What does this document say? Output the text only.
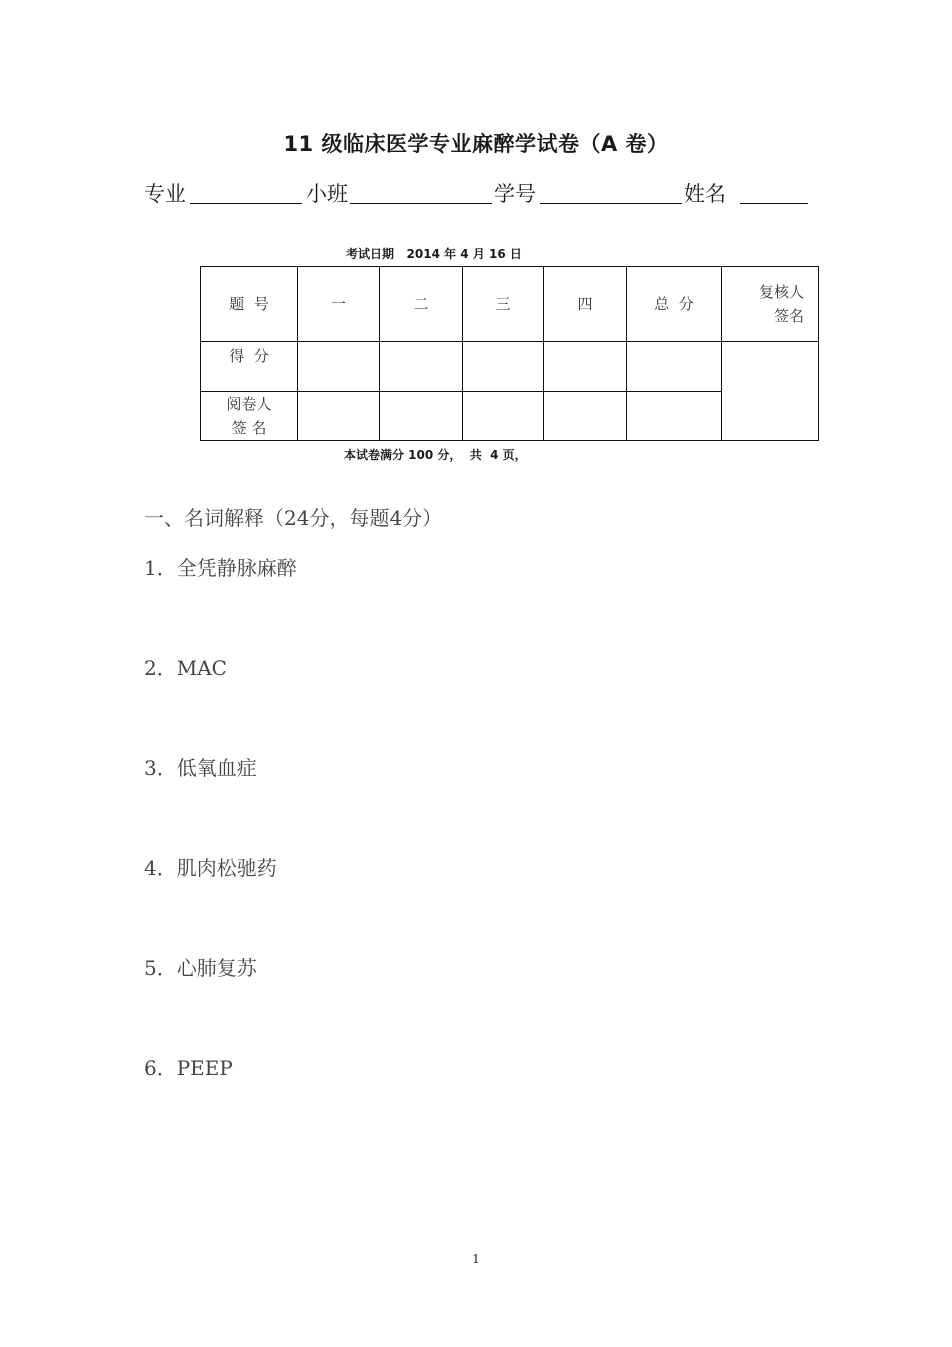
11 级临床医学专业麻醉学试卷（A 卷）
专业	小班	学号	姓名
考试日期   2014 年 4 月 16 日
题  号	一	二	三	四	总  分	复核人
签名

得  分						

阅卷人
签 名						

本试卷满分 100 分，  共  4 页，
一、名词解释（24分，每题4分）
1．全凭静脉麻醉
2．MAC
3．低氧血症
4．肌肉松驰药
5．心肺复苏
6．PEEP
1
